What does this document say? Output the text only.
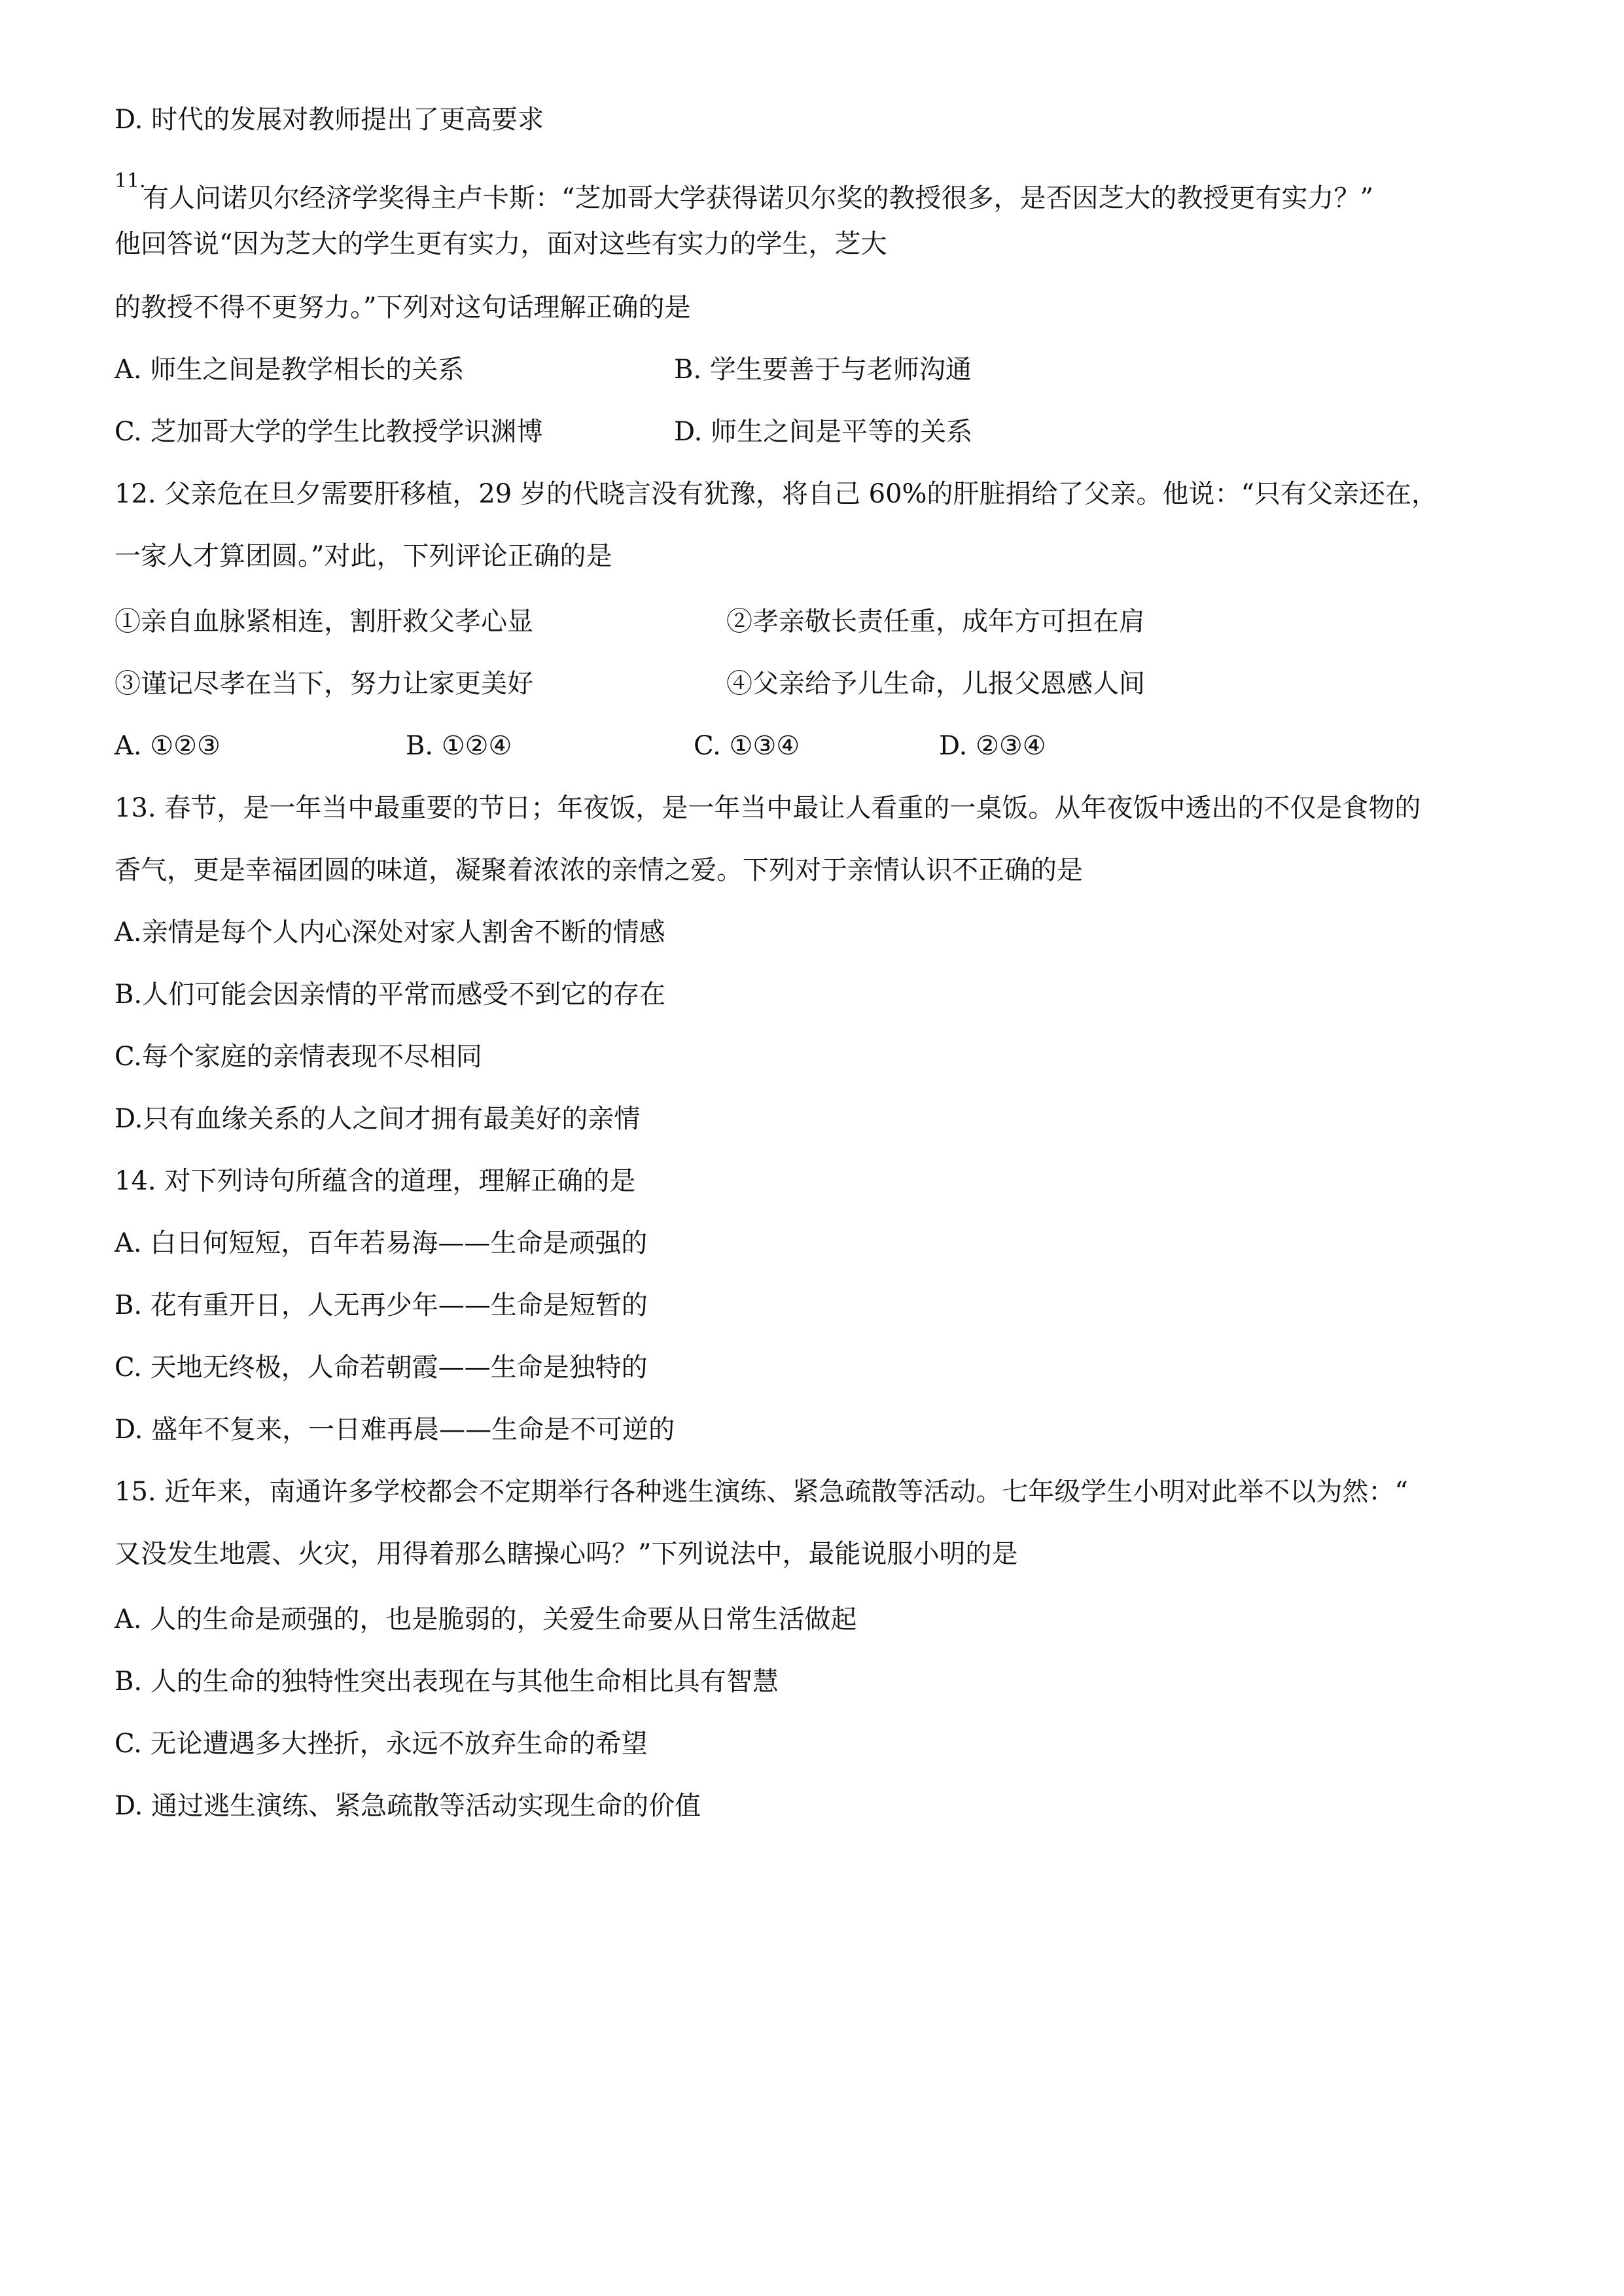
D. 时代的发展对教师提出了更高要求
11.
有人问诺贝尔经济学奖得主卢卡斯：“芝加哥大学获得诺贝尔奖的教授很多，是否因芝大的教授更有实力？”
他回答说“因为芝大的学生更有实力，面对这些有实力的学生，芝大
的教授不得不更努力。”下列对这句话理解正确的是
A. 师生之间是教学相长的关系	B. 学生要善于与老师沟通
C. 芝加哥大学的学生比教授学识渊博	D. 师生之间是平等的关系
12. 父亲危在旦夕需要肝移植，29 岁的代晓言没有犹豫，将自己 60%的肝脏捐给了父亲。他说：“只有父亲还在，
一家人才算团圆。”对此，下列评论正确的是
①亲自血脉紧相连，割肝救父孝心显	②孝亲敬长责任重，成年方可担在肩
③谨记尽孝在当下，努力让家更美好	④父亲给予儿生命，儿报父恩感人间
A. ①②③	B. ①②④	C. ①③④	D. ②③④
13. 春节，是一年当中最重要的节日；年夜饭，是一年当中最让人看重的一桌饭。从年夜饭中透出的不仅是食物的
香气，更是幸福团圆的味道，凝聚着浓浓的亲情之爱。下列对于亲情认识不正确的是
A.亲情是每个人内心深处对家人割舍不断的情感
B.人们可能会因亲情的平常而感受不到它的存在
C.每个家庭的亲情表现不尽相同
D.只有血缘关系的人之间才拥有最美好的亲情
14. 对下列诗句所蕴含的道理，理解正确的是
A. 白日何短短，百年若易海——生命是顽强的
B. 花有重开日，人无再少年——生命是短暂的
C. 天地无终极，人命若朝霞——生命是独特的
D. 盛年不复来，一日难再晨——生命是不可逆的
15. 近年来，南通许多学校都会不定期举行各种逃生演练、紧急疏散等活动。七年级学生小明对此举不以为然：“
又没发生地震、火灾，用得着那么瞎操心吗？”下列说法中，最能说服小明的是
A. 人的生命是顽强的，也是脆弱的，关爱生命要从日常生活做起
B. 人的生命的独特性突出表现在与其他生命相比具有智慧
C. 无论遭遇多大挫折，永远不放弃生命的希望
D. 通过逃生演练、紧急疏散等活动实现生命的价值
